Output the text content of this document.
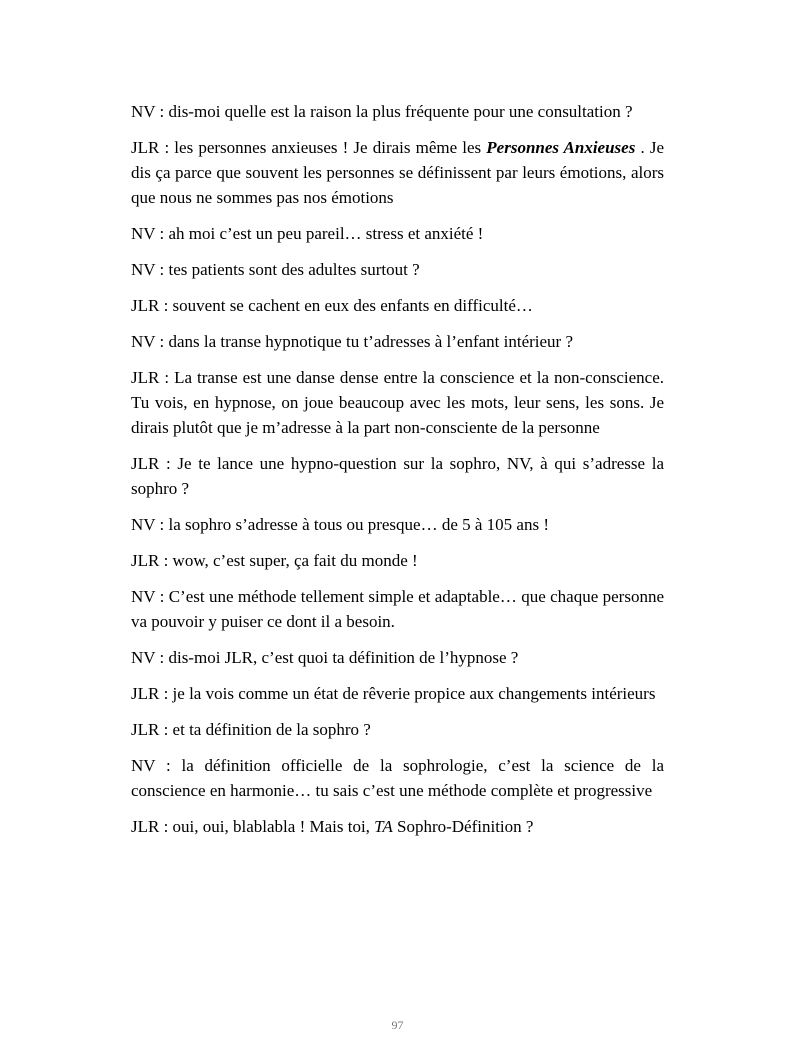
NV : dis-moi quelle est la raison la plus fréquente pour une consultation ?

JLR : les personnes anxieuses ! Je dirais même les Personnes Anxieuses . Je dis ça parce que souvent les personnes se définissent par leurs émotions, alors que nous ne sommes pas nos émotions

NV : ah moi c’est un peu pareil… stress et anxiété !

NV : tes patients sont des adultes surtout ?

JLR : souvent se cachent en eux des enfants en difficulté…

NV : dans la transe hypnotique tu t’adresses à l’enfant intérieur ?

JLR : La transe est une danse dense entre la conscience et la non-conscience. Tu vois, en hypnose, on joue beaucoup avec les mots, leur sens, les sons. Je dirais plutôt que je m’adresse à la part non-consciente de la personne

JLR : Je te lance une hypno-question sur la sophro, NV, à qui s’adresse la sophro ?

NV : la sophro s’adresse à tous ou presque… de 5 à 105 ans !

JLR : wow, c’est super, ça fait du monde !

NV : C’est une méthode tellement simple et adaptable… que chaque personne va pouvoir y puiser ce dont il a besoin.

NV : dis-moi JLR, c’est quoi ta définition de l’hypnose ?

JLR : je la vois comme un état de rêverie propice aux changements intérieurs

JLR : et ta définition de la sophro ?

NV : la définition officielle de la sophrologie, c’est la science de la conscience en harmonie… tu sais c’est une méthode complète et progressive

JLR : oui, oui, blablabla ! Mais toi, TA Sophro-Définition ?

97
